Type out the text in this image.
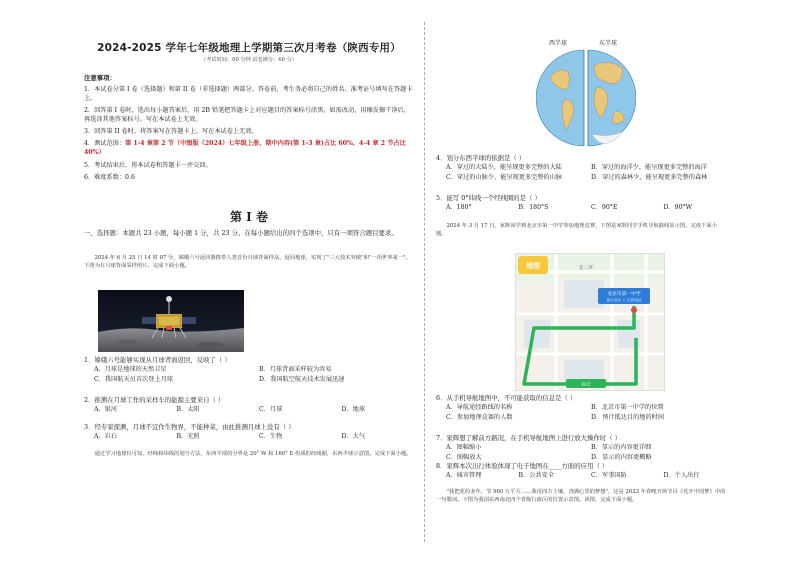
2024-2025 学年七年级地理上学期第三次月考卷（陕西专用）
（考试时间：60 分钟 试卷满分：60 分）
注意事项：
1．本试卷分第 I 卷（选择题）和第 II 卷（非选择题）两部分。答卷前，考生务必将自己的姓名、准考证号填写在答题卡上。
2．回答第 I 卷时，选出每小题答案后，用 2B 铅笔把答题卡上对应题目的答案标号涂黑，如需改动，用橡皮擦干净后，再选涂其他答案标号。写在本试卷上无效。
3．回答第 II 卷时，将答案写在答题卡上。写在本试卷上无效。
4．测试范围：第 1-4 章第 2 节（中图版（2024）七年级上册，期中内容(第 1-3 章)占比 60%，4-4 章 2 节占比 40%）
5．考试结束后，将本试卷和答题卡一并交回。
6．难度系数：0.6
第 I 卷
一、选择题：本题共 23 小题，每小题 1 分，共 23 分。在每小题给出的四个选项中，只有一项符合题目要求。
2024 年 6 月 25 日 14 时 07 分，嫦娥六号返回器携带人类首份月球背面样品，返回地球，实现了"三大技术突破"和"一项世界第一"。下图为在月球背面采样照片。完成下面小题。
1．嫦娥六号能够实现从月球背面返回，反映了（ ）
A．月球是地球的天然卫星	B．月球背面采样较为容易
C．我国航天员首次登上月球	D．我国航空航天技术发展迅速
2．推测在月球工作的采样车的能源主要来自（ ）
A．银河	B．太阳	C．月球	D．地球
3．经专家探测，月球不宜作生物界，不能种菜，由此推测月球上没有（ ）
A．岩石	B．光照	C．生物	D．大气
通过学习地球仪可知，经线和纬线的划分方法，东西半球的分界是 20° W 和 160° E 组成的经线圈，东西半球示意图。完成下面小题。
西半球	东半球
4．划分东西半球的依据是（ ）
A．穿过的大陆少，能呈现更多完整的大陆	B．穿过的海洋少，能呈现更多完整的海洋
C．穿过的山脉少，能呈现更多完整的山脉	D．穿过的森林少，能呈现更多完整的森林
5．能写 0°纬线一个经线圈的是（ ）
A．180°	B．180°S	C．90°E	D．90°W
2024 年 3 月 17 日，家辉同学到北京市第一中学参加地理竞赛，下图是家辉同学手机导航路线显示图。完成下面小题。
6．从手机导航地图中，不可能获取的信息是（ ）
A．导航途经路线的名称	B．北京市第一中学的位置
C．参加地理竞赛的人数	D．预计抵达目的地的时间
7．家辉想了解前方路况，在手机导航地图上进行放大操作时（ ）
A．图幅缩小	B．显示的内容更详细
C．图幅放大	D．显示的内容更概略
8．家辉本次出行体验体现了电子地图在____方面的应用（ ）
A．城市管理	B．公共安全	C．军事国防	D．个人出行
"我把花的多年，节 960 万平方……我用四方土壤，浇满心里的梦想"，这是 2023 年春晚开场节目《花开中国梦》中的一句歌词。下图为我国东西南北四个省级行政区的位置示意图。读图，完成下面小题。
地图	北三环
北京市第一中学
预计停车 1 分钟到达
起点
